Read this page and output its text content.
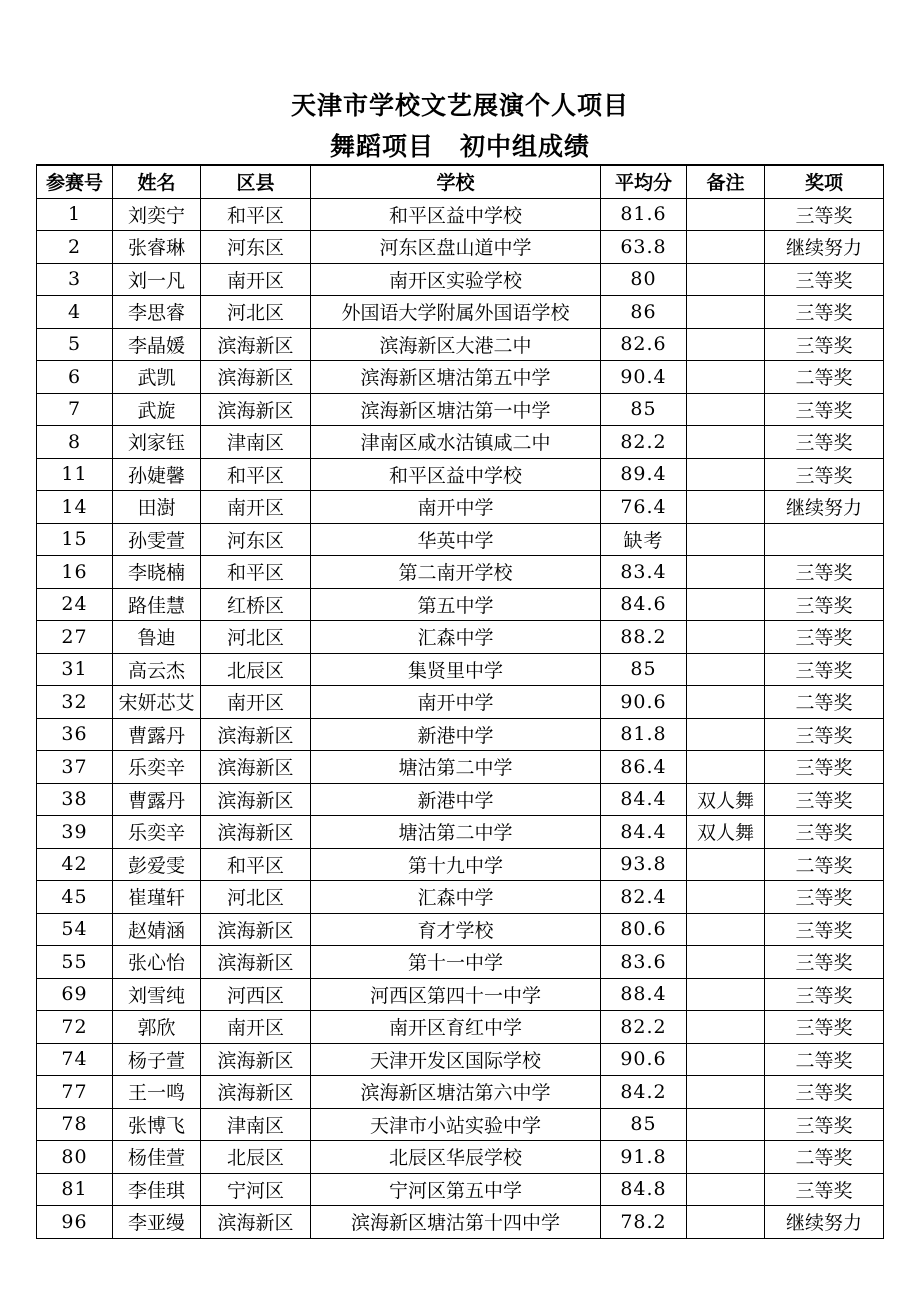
天津市学校文艺展演个人项目
舞蹈项目　初中组成绩
参赛号	姓名	区县	学校	平均分	备注	奖项
1	刘奕宁	和平区	和平区益中学校	81.6		三等奖
2	张睿琳	河东区	河东区盘山道中学	63.8		继续努力
3	刘一凡	南开区	南开区实验学校	80		三等奖
4	李思睿	河北区	外国语大学附属外国语学校	86		三等奖
5	李晶媛	滨海新区	滨海新区大港二中	82.6		三等奖
6	武凯	滨海新区	滨海新区塘沽第五中学	90.4		二等奖
7	武旋	滨海新区	滨海新区塘沽第一中学	85		三等奖
8	刘家钰	津南区	津南区咸水沽镇咸二中	82.2		三等奖
11	孙婕馨	和平区	和平区益中学校	89.4		三等奖
14	田澍	南开区	南开中学	76.4		继续努力
15	孙雯萱	河东区	华英中学	缺考		
16	李晓楠	和平区	第二南开学校	83.4		三等奖
24	路佳慧	红桥区	第五中学	84.6		三等奖
27	鲁迪	河北区	汇森中学	88.2		三等奖
31	高云杰	北辰区	集贤里中学	85		三等奖
32	宋妍芯艾	南开区	南开中学	90.6		二等奖
36	曹露丹	滨海新区	新港中学	81.8		三等奖
37	乐奕辛	滨海新区	塘沽第二中学	86.4		三等奖
38	曹露丹	滨海新区	新港中学	84.4	双人舞	三等奖
39	乐奕辛	滨海新区	塘沽第二中学	84.4	双人舞	三等奖
42	彭爱雯	和平区	第十九中学	93.8		二等奖
45	崔瑾轩	河北区	汇森中学	82.4		三等奖
54	赵婧涵	滨海新区	育才学校	80.6		三等奖
55	张心怡	滨海新区	第十一中学	83.6		三等奖
69	刘雪纯	河西区	河西区第四十一中学	88.4		三等奖
72	郭欣	南开区	南开区育红中学	82.2		三等奖
74	杨子萱	滨海新区	天津开发区国际学校	90.6		二等奖
77	王一鸣	滨海新区	滨海新区塘沽第六中学	84.2		三等奖
78	张博飞	津南区	天津市小站实验中学	85		三等奖
80	杨佳萱	北辰区	北辰区华辰学校	91.8		二等奖
81	李佳琪	宁河区	宁河区第五中学	84.8		三等奖
96	李亚缦	滨海新区	滨海新区塘沽第十四中学	78.2		继续努力
